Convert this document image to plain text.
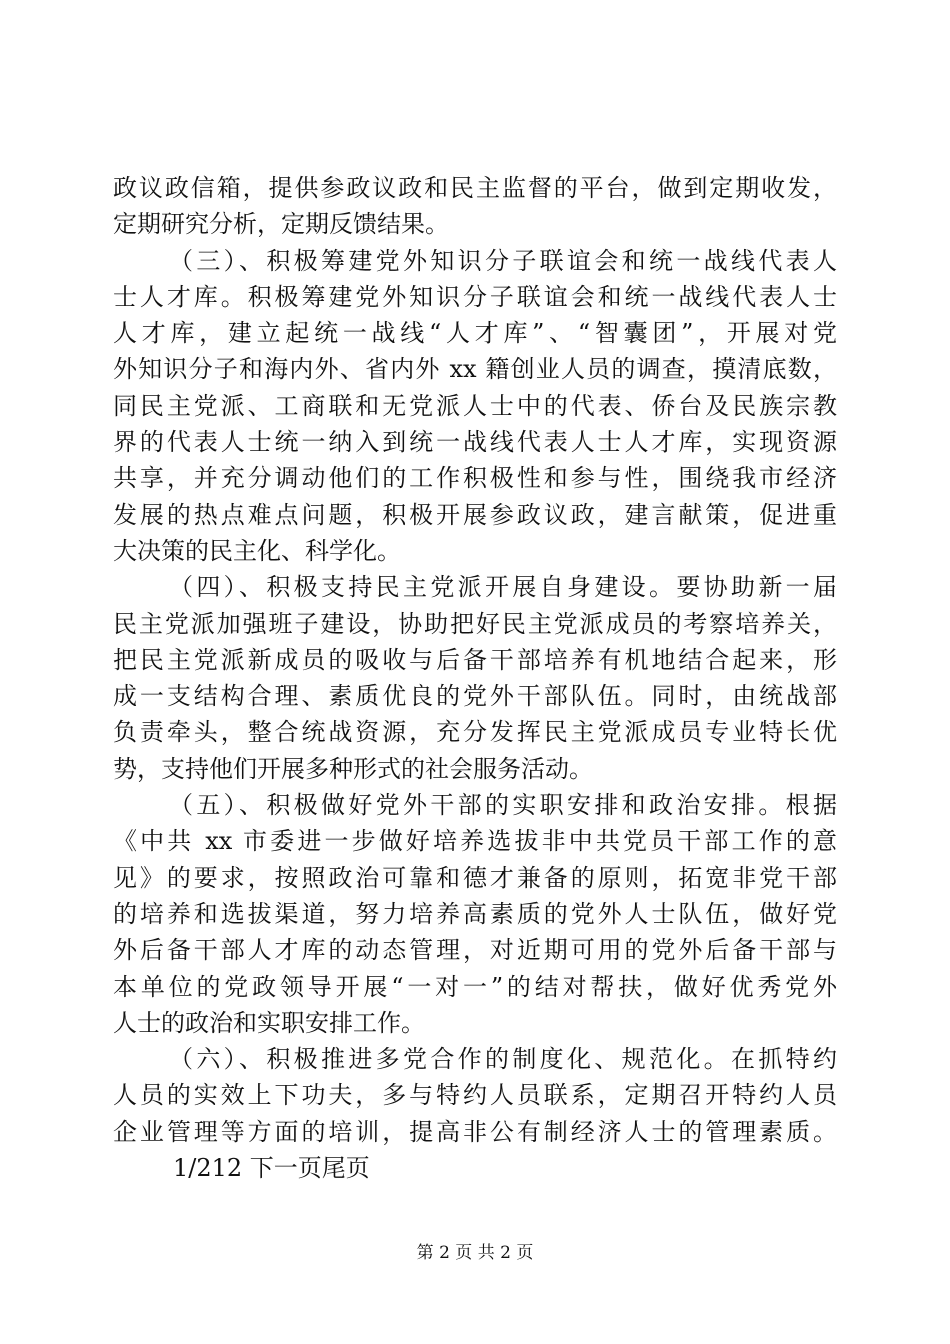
政议政信箱，提供参政议政和民主监督的平台，做到定期收发，
定期研究分析，定期反馈结果。
（三）、积极筹建党外知识分子联谊会和统一战线代表人
士人才库。积极筹建党外知识分子联谊会和统一战线代表人士
人才库，建立起统一战线“人才库”、“智囊团”，开展对党
外知识分子和海内外、省内外 xx 籍创业人员的调查，摸清底数，
同民主党派、工商联和无党派人士中的代表、侨台及民族宗教
界的代表人士统一纳入到统一战线代表人士人才库，实现资源
共享，并充分调动他们的工作积极性和参与性，围绕我市经济
发展的热点难点问题，积极开展参政议政，建言献策，促进重
大决策的民主化、科学化。
（四）、积极支持民主党派开展自身建设。要协助新一届
民主党派加强班子建设，协助把好民主党派成员的考察培养关，
把民主党派新成员的吸收与后备干部培养有机地结合起来，形
成一支结构合理、素质优良的党外干部队伍。同时，由统战部
负责牵头，整合统战资源，充分发挥民主党派成员专业特长优
势，支持他们开展多种形式的社会服务活动。
（五）、积极做好党外干部的实职安排和政治安排。根据
《中共 xx 市委进一步做好培养选拔非中共党员干部工作的意
见》的要求，按照政治可靠和德才兼备的原则，拓宽非党干部
的培养和选拔渠道，努力培养高素质的党外人士队伍，做好党
外后备干部人才库的动态管理，对近期可用的党外后备干部与
本单位的党政领导开展“一对一”的结对帮扶，做好优秀党外
人士的政治和实职安排工作。
（六）、积极推进多党合作的制度化、规范化。在抓特约
人员的实效上下功夫，多与特约人员联系，定期召开特约人员
企业管理等方面的培训，提高非公有制经济人士的管理素质。
1/212 下一页尾页
第 2 页 共 2 页
